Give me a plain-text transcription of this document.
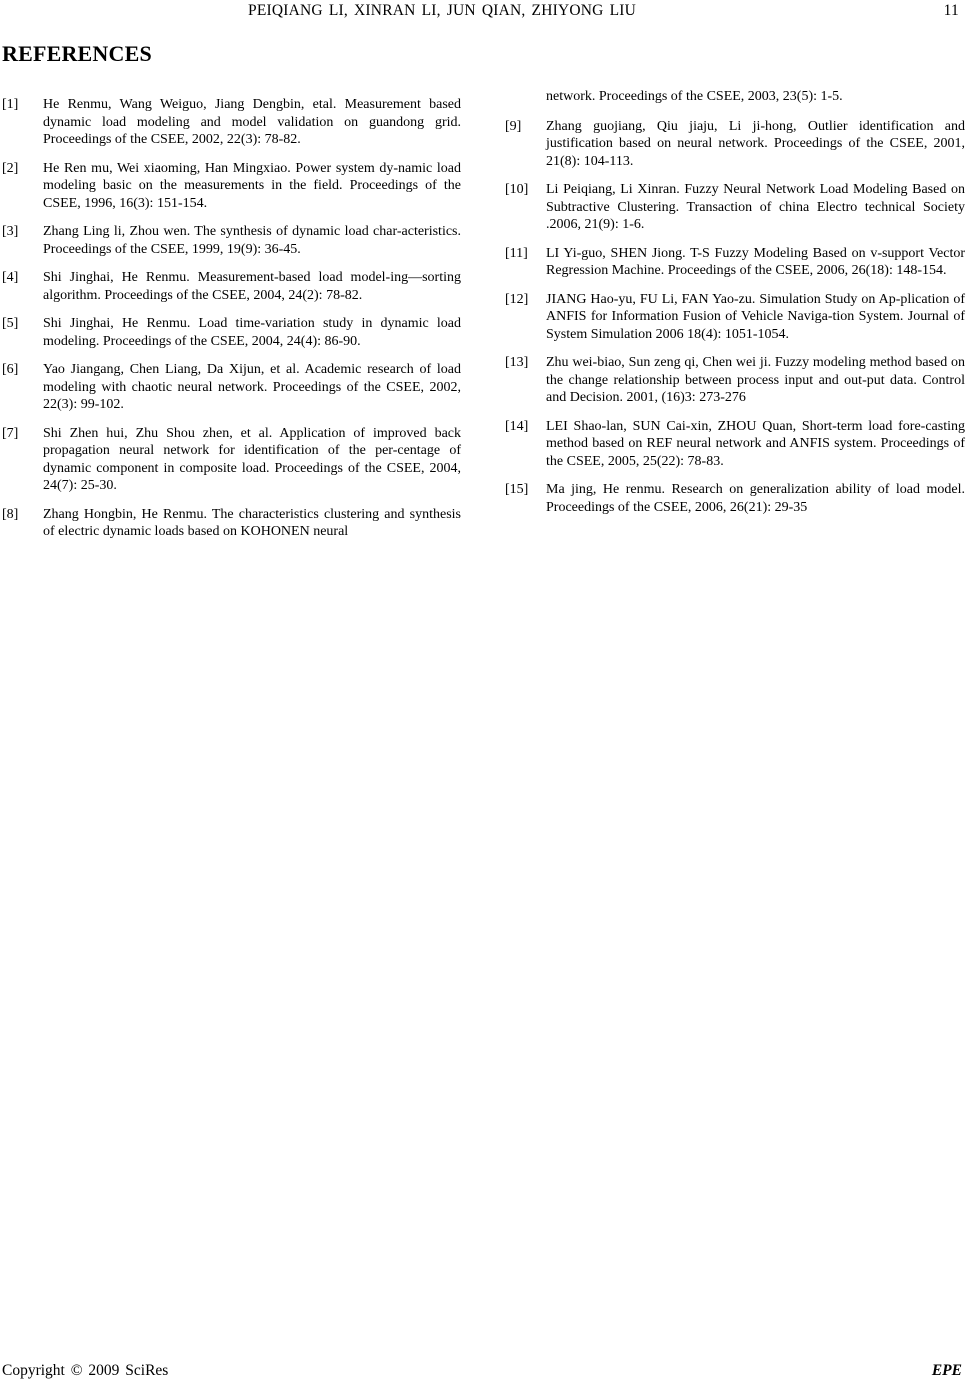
PEIQIANG LI, XINRAN LI, JUN QIAN, ZHIYONG LIU	11
REFERENCES
[1] He Renmu, Wang Weiguo, Jiang Dengbin, etal. Measurement based dynamic load modeling and model validation on guandong grid. Proceedings of the CSEE, 2002, 22(3): 78-82.
[2] He Ren mu, Wei xiaoming, Han Mingxiao. Power system dy-namic load modeling basic on the measurements in the field. Proceedings of the CSEE, 1996, 16(3): 151-154.
[3] Zhang Ling li, Zhou wen. The synthesis of dynamic load char-acteristics. Proceedings of the CSEE, 1999, 19(9): 36-45.
[4] Shi Jinghai, He Renmu. Measurement-based load model-ing—sorting algorithm. Proceedings of the CSEE, 2004, 24(2): 78-82.
[5] Shi Jinghai, He Renmu. Load time-variation study in dynamic load modeling. Proceedings of the CSEE, 2004, 24(4): 86-90.
[6] Yao Jiangang, Chen Liang, Da Xijun, et al. Academic research of load modeling with chaotic neural network. Proceedings of the CSEE, 2002, 22(3): 99-102.
[7] Shi Zhen hui, Zhu Shou zhen, et al. Application of improved back propagation neural network for identification of the per-centage of dynamic component in composite load. Proceedings of the CSEE, 2004, 24(7): 25-30.
[8] Zhang Hongbin, He Renmu. The characteristics clustering and synthesis of electric dynamic loads based on KOHONEN neural
network. Proceedings of the CSEE, 2003, 23(5): 1-5.
[9] Zhang guojiang, Qiu jiaju, Li ji-hong, Outlier identification and justification based on neural network. Proceedings of the CSEE, 2001, 21(8): 104-113.
[10] Li Peiqiang, Li Xinran. Fuzzy Neural Network Load Modeling Based on Subtractive Clustering. Transaction of china Electro technical Society .2006, 21(9): 1-6.
[11] LI Yi-guo, SHEN Jiong. T-S Fuzzy Modeling Based on v-support Vector Regression Machine. Proceedings of the CSEE, 2006, 26(18): 148-154.
[12] JIANG Hao-yu, FU Li, FAN Yao-zu. Simulation Study on Ap-plication of ANFIS for Information Fusion of Vehicle Naviga-tion System. Journal of System Simulation 2006 18(4): 1051-1054.
[13] Zhu wei-biao, Sun zeng qi, Chen wei ji. Fuzzy modeling method based on the change relationship between process input and out-put data. Control and Decision. 2001, (16)3: 273-276
[14] LEI Shao-lan, SUN Cai-xin, ZHOU Quan, Short-term load fore-casting method based on REF neural network and ANFIS system. Proceedings of the CSEE, 2005, 25(22): 78-83.
[15] Ma jing, He renmu. Research on generalization ability of load model. Proceedings of the CSEE, 2006, 26(21): 29-35
Copyright © 2009 SciRes	EPE
